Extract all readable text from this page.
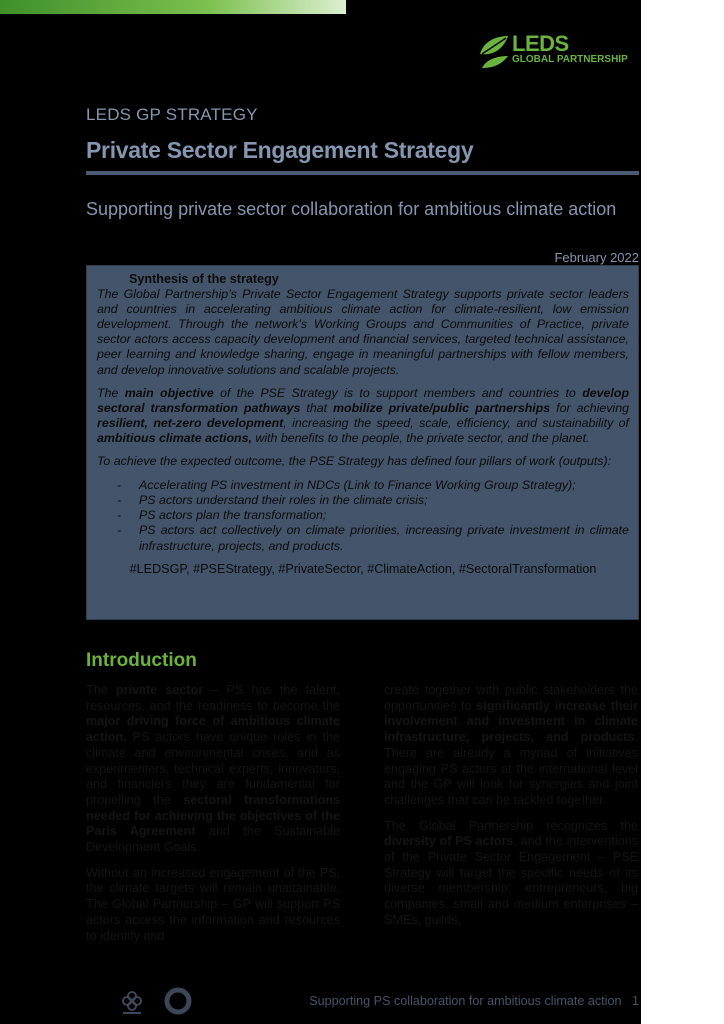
LEDS
GLOBAL PARTNERSHIP
LEDS GP STRATEGY
Private Sector Engagement Strategy
Supporting private sector collaboration for ambitious climate action
February 2022
Synthesis of the strategy

The Global Partnership’s Private Sector Engagement Strategy supports private sector leaders and countries in accelerating ambitious climate action for climate-resilient, low emission development. Through the network’s Working Groups and Communities of Practice, private sector actors access capacity development and financial services, targeted technical assistance, peer learning and knowledge sharing, engage in meaningful partnerships with fellow members, and develop innovative solutions and scalable projects.

The main objective of the PSE Strategy is to support members and countries to develop sectoral transformation pathways that mobilize private/public partnerships for achieving resilient, net-zero development, increasing the speed, scale, efficiency, and sustainability of ambitious climate actions, with benefits to the people, the private sector, and the planet.

To achieve the expected outcome, the PSE Strategy has defined four pillars of work (outputs):

- Accelerating PS investment in NDCs (Link to Finance Working Group Strategy);
- PS actors understand their roles in the climate crisis;
- PS actors plan the transformation;
- PS actors act collectively on climate priorities, increasing private investment in climate infrastructure, projects, and products.
#LEDSGP, #PSEStrategy, #PrivateSector, #ClimateAction, #SectoralTransformation
Introduction

The private sector – PS has the talent, resources, and the readiness to become the major driving force of ambitious climate action. PS actors have unique roles in the climate and environmental crises, and as experimenters, technical experts, innovators, and financiers they are fundamental for propelling the sectoral transformations needed for achieving the objectives of the Paris Agreement and the Sustainable Development Goals.

Without an increased engagement of the PS, the climate targets will remain unattainable. The Global Partnership – GP will support PS actors access the information and resources to identify and

create together with public stakeholders the opportunities to significantly increase their involvement and investment in climate infrastructure, projects, and products. There are already a myriad of initiatives engaging PS actors at the international level and the GP will look for synergies and joint challenges that can be tackled together.

The Global Partnership recognizes the diversity of PS actors, and the interventions of the Private Sector Engagement – PSE Strategy will target the specific needs of its diverse membership: entrepreneurs, big companies, small and medium enterprises – SMEs, guilds,

Supporting PS collaboration for ambitious climate action 1
